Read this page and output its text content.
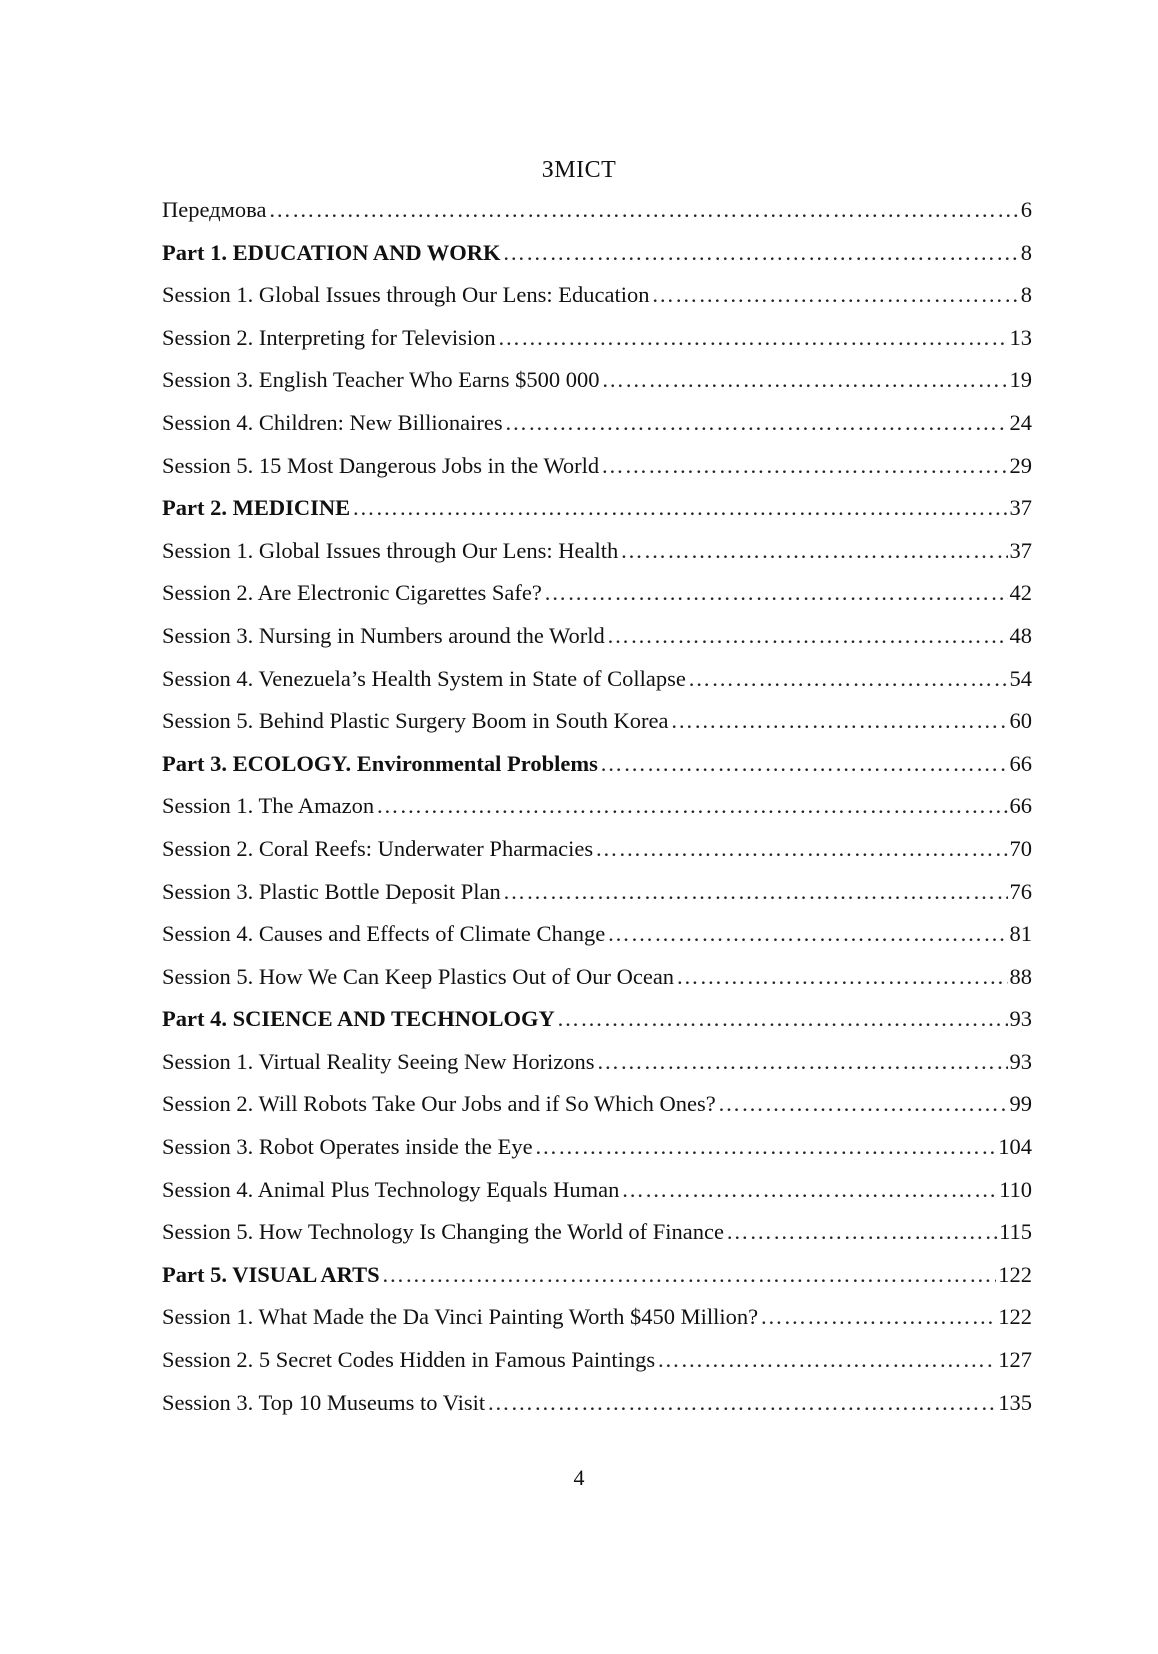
ЗМІСТ
Передмова ……………………………………………………………………………………………………………………………………………………	6
Part 1. EDUCATION AND WORK ……………………………………………………………………………………………………………………………………………………	8
Session 1. Global Issues through Our Lens: Education ……………………………………………………………………………………………………………………………………………………	8
Session 2. Interpreting for Television ……………………………………………………………………………………………………………………………………………………	13
Session 3. English Teacher Who Earns $500 000 ……………………………………………………………………………………………………………………………………………………	19
Session 4. Children: New Billionaires ……………………………………………………………………………………………………………………………………………………	24
Session 5. 15 Most Dangerous Jobs in the World ……………………………………………………………………………………………………………………………………………………	29
Part 2. MEDICINE ……………………………………………………………………………………………………………………………………………………	37
Session 1. Global Issues through Our Lens: Health ……………………………………………………………………………………………………………………………………………………	37
Session 2. Are Electronic Cigarettes Safe? ……………………………………………………………………………………………………………………………………………………	42
Session 3. Nursing in Numbers around the World ……………………………………………………………………………………………………………………………………………………	48
Session 4. Venezuela’s Health System in State of Collapse ……………………………………………………………………………………………………………………………………………………	54
Session 5. Behind Plastic Surgery Boom in South Korea ……………………………………………………………………………………………………………………………………………………	60
Part 3. ECOLOGY. Environmental Problems ……………………………………………………………………………………………………………………………………………………	66
Session 1. The Amazon ……………………………………………………………………………………………………………………………………………………	66
Session 2. Coral Reefs: Underwater Pharmacies ……………………………………………………………………………………………………………………………………………………	70
Session 3. Plastic Bottle Deposit Plan ……………………………………………………………………………………………………………………………………………………	76
Session 4. Causes and Effects of Climate Change ……………………………………………………………………………………………………………………………………………………	81
Session 5. How We Can Keep Plastics Out of Our Ocean ……………………………………………………………………………………………………………………………………………………	88
Part 4. SCIENCE AND TECHNOLOGY ……………………………………………………………………………………………………………………………………………………	93
Session 1. Virtual Reality Seeing New Horizons ……………………………………………………………………………………………………………………………………………………	93
Session 2. Will Robots Take Our Jobs and if So Which Ones? ……………………………………………………………………………………………………………………………………………………	99
Session 3. Robot Operates inside the Eye ……………………………………………………………………………………………………………………………………………………	104
Session 4. Animal Plus Technology Equals Human ……………………………………………………………………………………………………………………………………………………	110
Session 5. How Technology Is Changing the World of Finance ……………………………………………………………………………………………………………………………………………………	115
Part 5. VISUAL ARTS ……………………………………………………………………………………………………………………………………………………	122
Session 1. What Made the Da Vinci Painting Worth $450 Million? ……………………………………………………………………………………………………………………………………………………	122
Session 2. 5 Secret Codes Hidden in Famous Paintings ……………………………………………………………………………………………………………………………………………………	127
Session 3. Top 10 Museums to Visit ……………………………………………………………………………………………………………………………………………………	135
4
